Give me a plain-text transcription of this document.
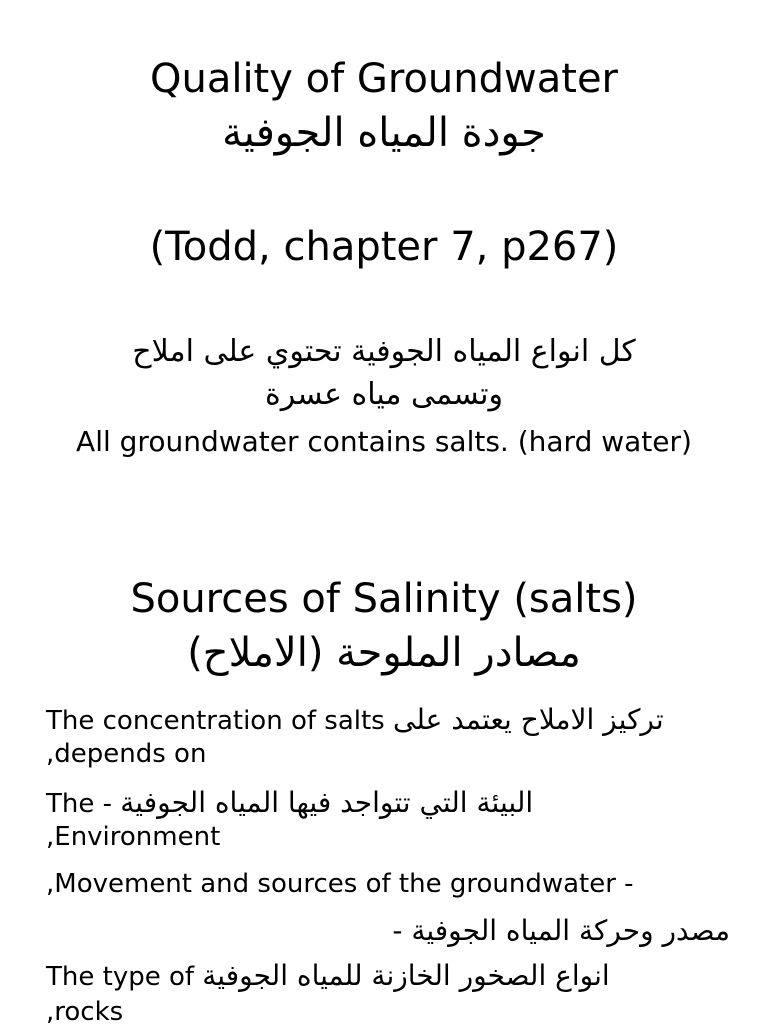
Quality of Groundwater
جودة المياه الجوفية
(Todd, chapter 7, p267)
كل انواع المياه الجوفية تحتوي على املاح
وتسمى مياه عسرة
All groundwater contains salts. (hard water)
Sources of Salinity (salts)
مصادر الملوحة (الاملاح)
The concentration of salts تركيز الاملاح يعتمد على
,depends on
The - البيئة التي تتواجد فيها المياه الجوفية
,Environment
,Movement and sources of the groundwater -
مصدر وحركة المياه الجوفية -
The type of انواع الصخور الخازنة للمياه الجوفية
,rocks
